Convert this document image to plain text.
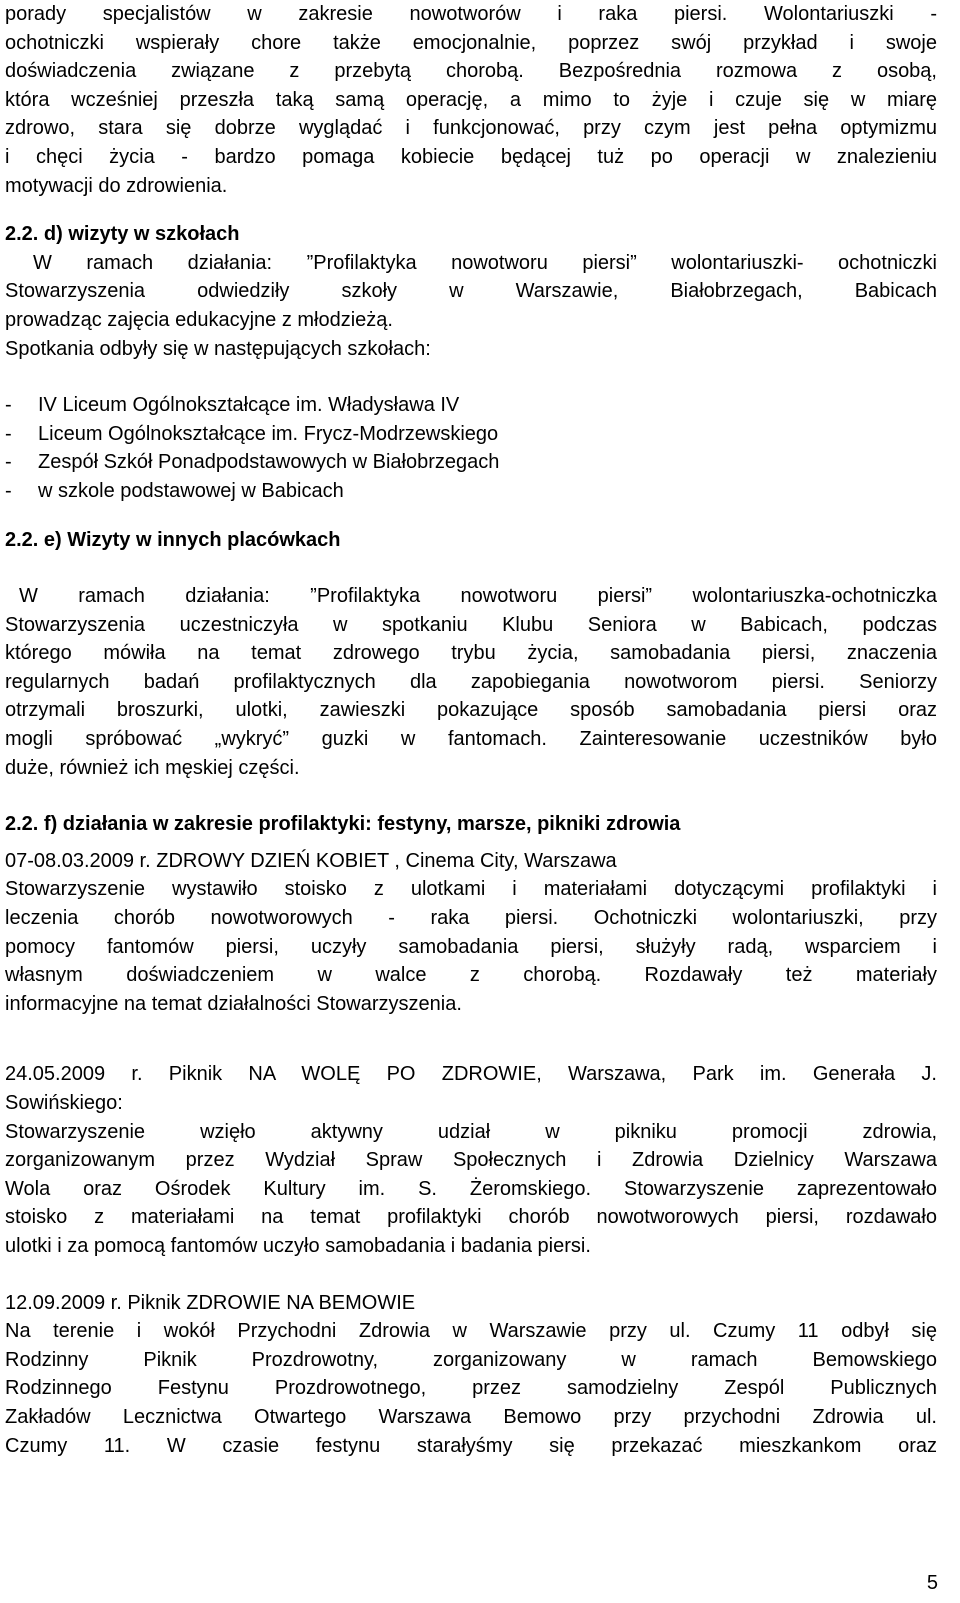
porady specjalistów w zakresie nowotworów i raka piersi. Wolontariuszki -
ochotniczki wspierały chore także emocjonalnie, poprzez swój przykład i swoje
doświadczenia związane z przebytą chorobą. Bezpośrednia rozmowa z osobą,
która wcześniej przeszła taką samą operację, a mimo to żyje i czuje się w miarę
zdrowo, stara się dobrze wyglądać i funkcjonować, przy czym jest pełna optymizmu
i chęci życia - bardzo pomaga kobiecie będącej tuż po operacji w znalezieniu
motywacji do zdrowienia.
2.2. d) wizyty w szkołach
W ramach działania: ”Profilaktyka nowotworu piersi” wolontariuszki- ochotniczki
Stowarzyszenia odwiedziły szkoły w Warszawie, Białobrzegach, Babicach
prowadząc zajęcia edukacyjne z młodzieżą.
Spotkania odbyły się w następujących szkołach:
-	IV Liceum Ogólnokształcące im. Władysława IV
-	Liceum Ogólnokształcące im. Frycz-Modrzewskiego
-	Zespół Szkół Ponadpodstawowych w Białobrzegach
-	w szkole podstawowej w Babicach
2.2. e) Wizyty w innych placówkach
W ramach działania: ”Profilaktyka nowotworu piersi” wolontariuszka-ochotniczka
Stowarzyszenia uczestniczyła w spotkaniu Klubu Seniora w Babicach, podczas
którego mówiła na temat zdrowego trybu życia, samobadania piersi, znaczenia
regularnych badań profilaktycznych dla zapobiegania nowotworom piersi. Seniorzy
otrzymali broszurki, ulotki, zawieszki pokazujące sposób samobadania piersi oraz
mogli spróbować „wykryć” guzki w fantomach. Zainteresowanie uczestników było
duże, również ich męskiej części.
2.2. f) działania w zakresie profilaktyki: festyny, marsze, pikniki zdrowia
07-08.03.2009 r. ZDROWY DZIEŃ KOBIET , Cinema City, Warszawa
Stowarzyszenie wystawiło stoisko z ulotkami i materiałami dotyczącymi profilaktyki i
leczenia chorób nowotworowych - raka piersi. Ochotniczki wolontariuszki, przy
pomocy fantomów piersi, uczyły samobadania piersi, służyły radą, wsparciem i
własnym doświadczeniem w walce z chorobą. Rozdawały też materiały
informacyjne na temat działalności Stowarzyszenia.
24.05.2009 r. Piknik NA WOLĘ PO ZDROWIE, Warszawa, Park im. Generała J.
Sowińskiego:
Stowarzyszenie wzięło aktywny udział w pikniku promocji zdrowia,
zorganizowanym przez Wydział Spraw Społecznych i Zdrowia Dzielnicy Warszawa
Wola oraz Ośrodek Kultury im. S. Żeromskiego. Stowarzyszenie zaprezentowało
stoisko z materiałami na temat profilaktyki chorób nowotworowych piersi, rozdawało
ulotki i za pomocą fantomów uczyło samobadania i badania piersi.
12.09.2009 r. Piknik ZDROWIE NA BEMOWIE
Na terenie i wokół Przychodni Zdrowia w Warszawie przy ul. Czumy 11 odbył się
Rodzinny Piknik Prozdrowotny, zorganizowany w ramach Bemowskiego
Rodzinnego Festynu Prozdrowotnego, przez samodzielny Zespól Publicznych
Zakładów Lecznictwa Otwartego Warszawa Bemowo przy przychodni Zdrowia ul.
Czumy 11. W czasie festynu starałyśmy się przekazać mieszkankom oraz
5
